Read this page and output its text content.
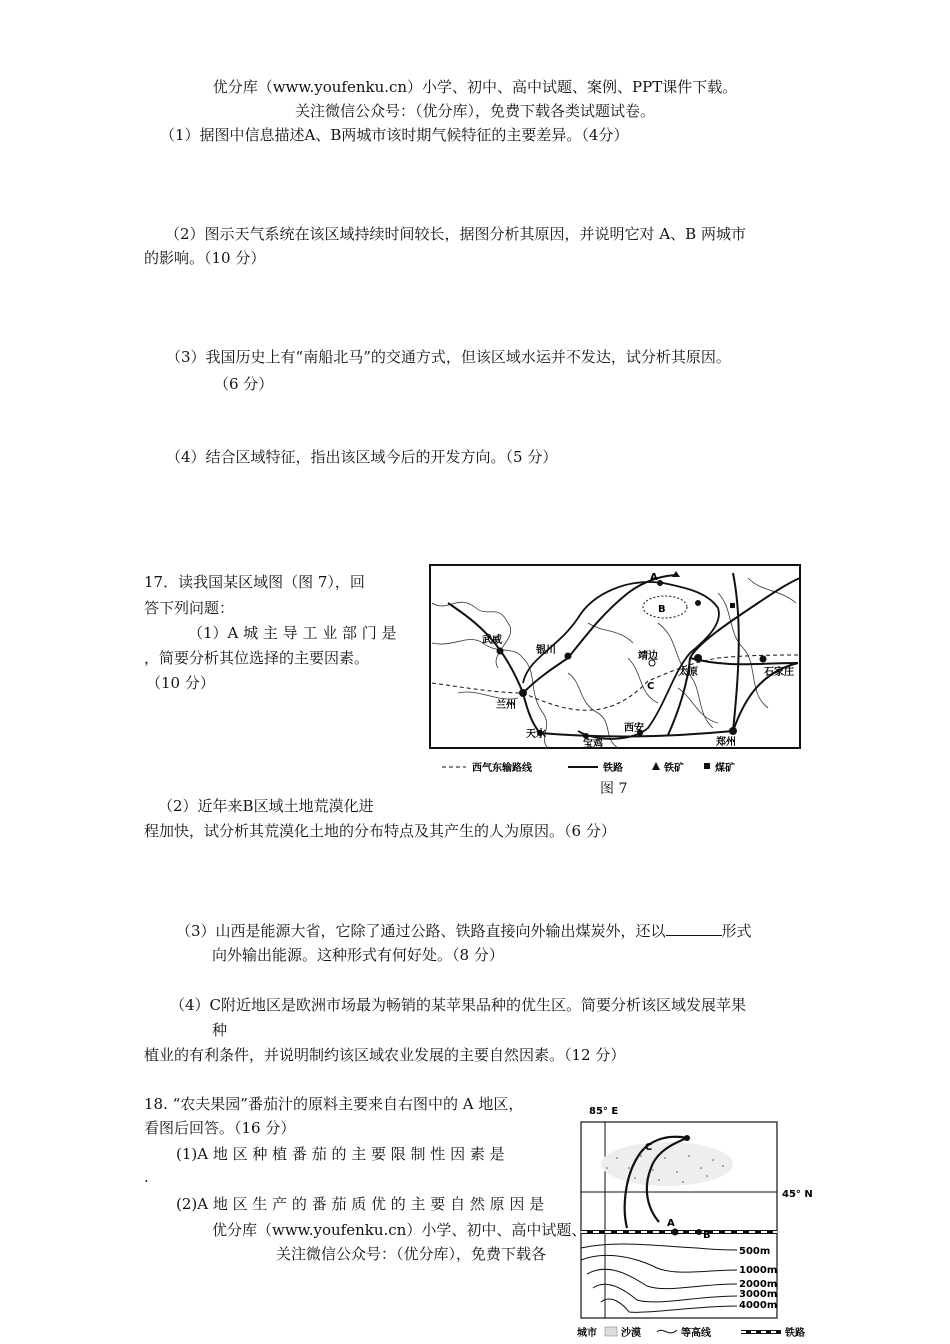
优分库（www.youfenku.cn）小学、初中、高中试题、案例、PPT课件下载。
关注微信公众号：（优分库），免费下载各类试题试卷。
（1）据图中信息描述A、B两城市该时期气候特征的主要差异。（4分）
（2）图示天气系统在该区域持续时间较长，据图分析其原因，并说明它对 A、B 两城市
的影响。（10 分）
（3）我国历史上有“南船北马”的交通方式，但该区域水运并不发达，试分析其原因。
（6 分）
（4）结合区域特征，指出该区域今后的开发方向。（5 分）
17．读我国某区域图（图 7），回
答下列问题：
（1）A 城 主 导 工 业 部 门 是
，简要分析其位选择的主要因素。
（10 分）
武威
银川
兰州
天水
宝鸡
西安
郑州
太原	石家庄
靖边
A
B
C
西气东输路线	铁路	铁矿	煤矿
图 7
（2）近年来B区域土地荒漠化进
程加快，试分析其荒漠化土地的分布特点及其产生的人为原因。（6 分）
（3）山西是能源大省，它除了通过公路、铁路直接向外输出煤炭外，还以	形式
向外输出能源。这种形式有何好处。（8 分）
（4）C附近地区是欧洲市场最为畅销的某苹果品种的优生区。简要分析该区域发展苹果
种
植业的有利条件，并说明制约该区域农业发展的主要自然因素。（12 分）
18. “农夫果园”番茄汁的原料主要来自右图中的 A 地区，
看图后回答。（16 分）
(1)A 地 区 种 植 番 茄 的 主 要 限 制 性 因 素 是
.
(2)A 地 区 生 产 的 番 茄 质 优 的 主 要 自 然 原 因 是
85° E
45° N
C
A
B
500m
1000m
2000m
3000m
4000m
城市 沙漠	等高线	铁路
优分库（www.youfenku.cn）小学、初中、高中试题、
关注微信公众号：（优分库），免费下载各
